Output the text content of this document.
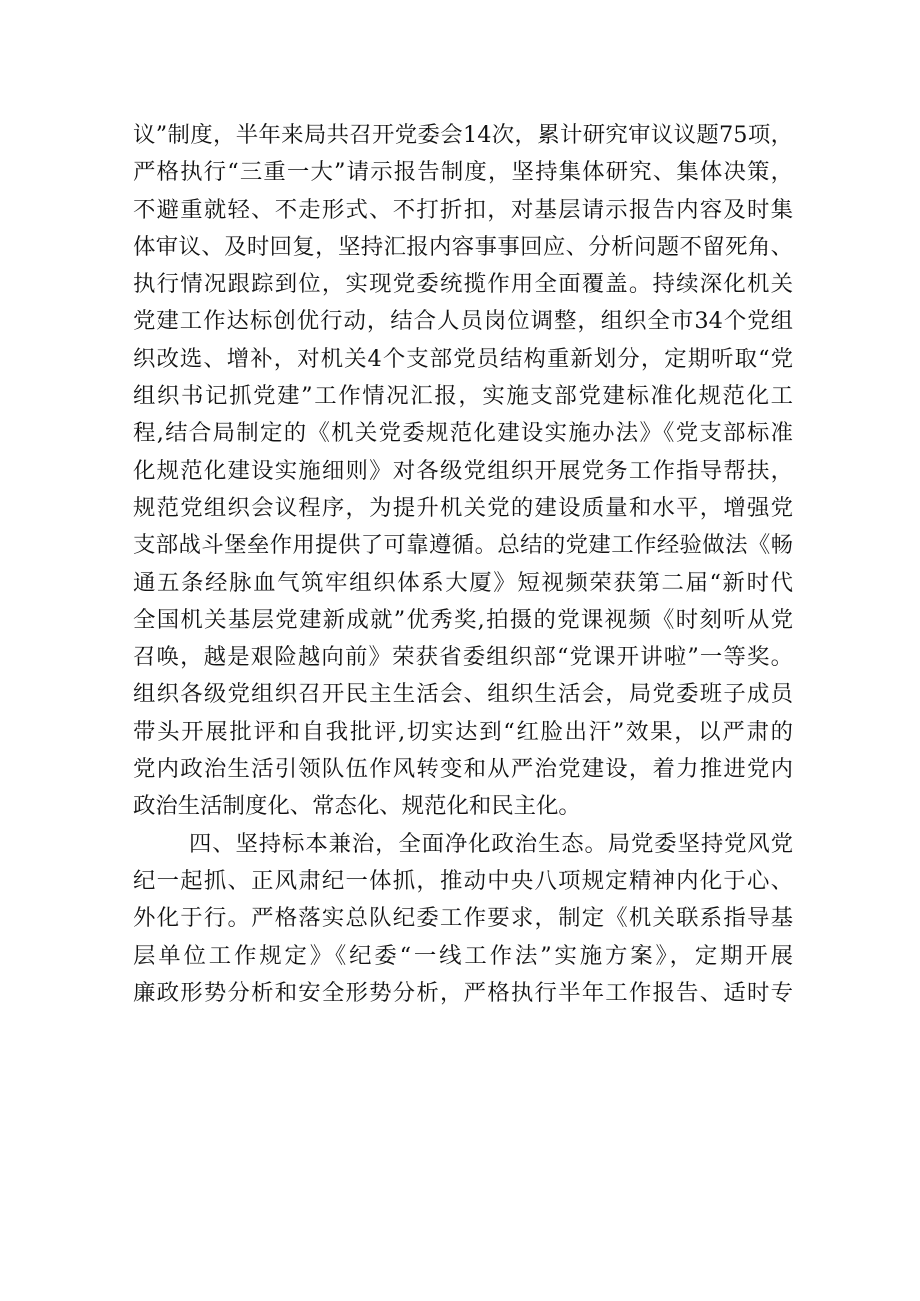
议”制度，半年来局共召开党委会14次，累计研究审议议题75项，
严格执行“三重一大”请示报告制度，坚持集体研究、集体决策，
不避重就轻、不走形式、不打折扣，对基层请示报告内容及时集
体审议、及时回复，坚持汇报内容事事回应、分析问题不留死角、
执行情况跟踪到位，实现党委统揽作用全面覆盖。持续深化机关
党建工作达标创优行动，结合人员岗位调整，组织全市34个党组
织改选、增补，对机关4个支部党员结构重新划分，定期听取“党
组织书记抓党建”工作情况汇报，实施支部党建标准化规范化工
程,结合局制定的《机关党委规范化建设实施办法》《党支部标准
化规范化建设实施细则》对各级党组织开展党务工作指导帮扶，
规范党组织会议程序，为提升机关党的建设质量和水平，增强党
支部战斗堡垒作用提供了可靠遵循。总结的党建工作经验做法《畅
通五条经脉血气筑牢组织体系大厦》短视频荣获第二届“新时代
全国机关基层党建新成就”优秀奖,拍摄的党课视频《时刻听从党
召唤，越是艰险越向前》荣获省委组织部“党课开讲啦”一等奖。
组织各级党组织召开民主生活会、组织生活会，局党委班子成员
带头开展批评和自我批评,切实达到“红脸出汗”效果，以严肃的
党内政治生活引领队伍作风转变和从严治党建设，着力推进党内
政治生活制度化、常态化、规范化和民主化。
四、坚持标本兼治，全面净化政治生态。局党委坚持党风党
纪一起抓、正风肃纪一体抓，推动中央八项规定精神内化于心、
外化于行。严格落实总队纪委工作要求，制定《机关联系指导基
层单位工作规定》《纪委“一线工作法”实施方案》，定期开展
廉政形势分析和安全形势分析，严格执行半年工作报告、适时专
